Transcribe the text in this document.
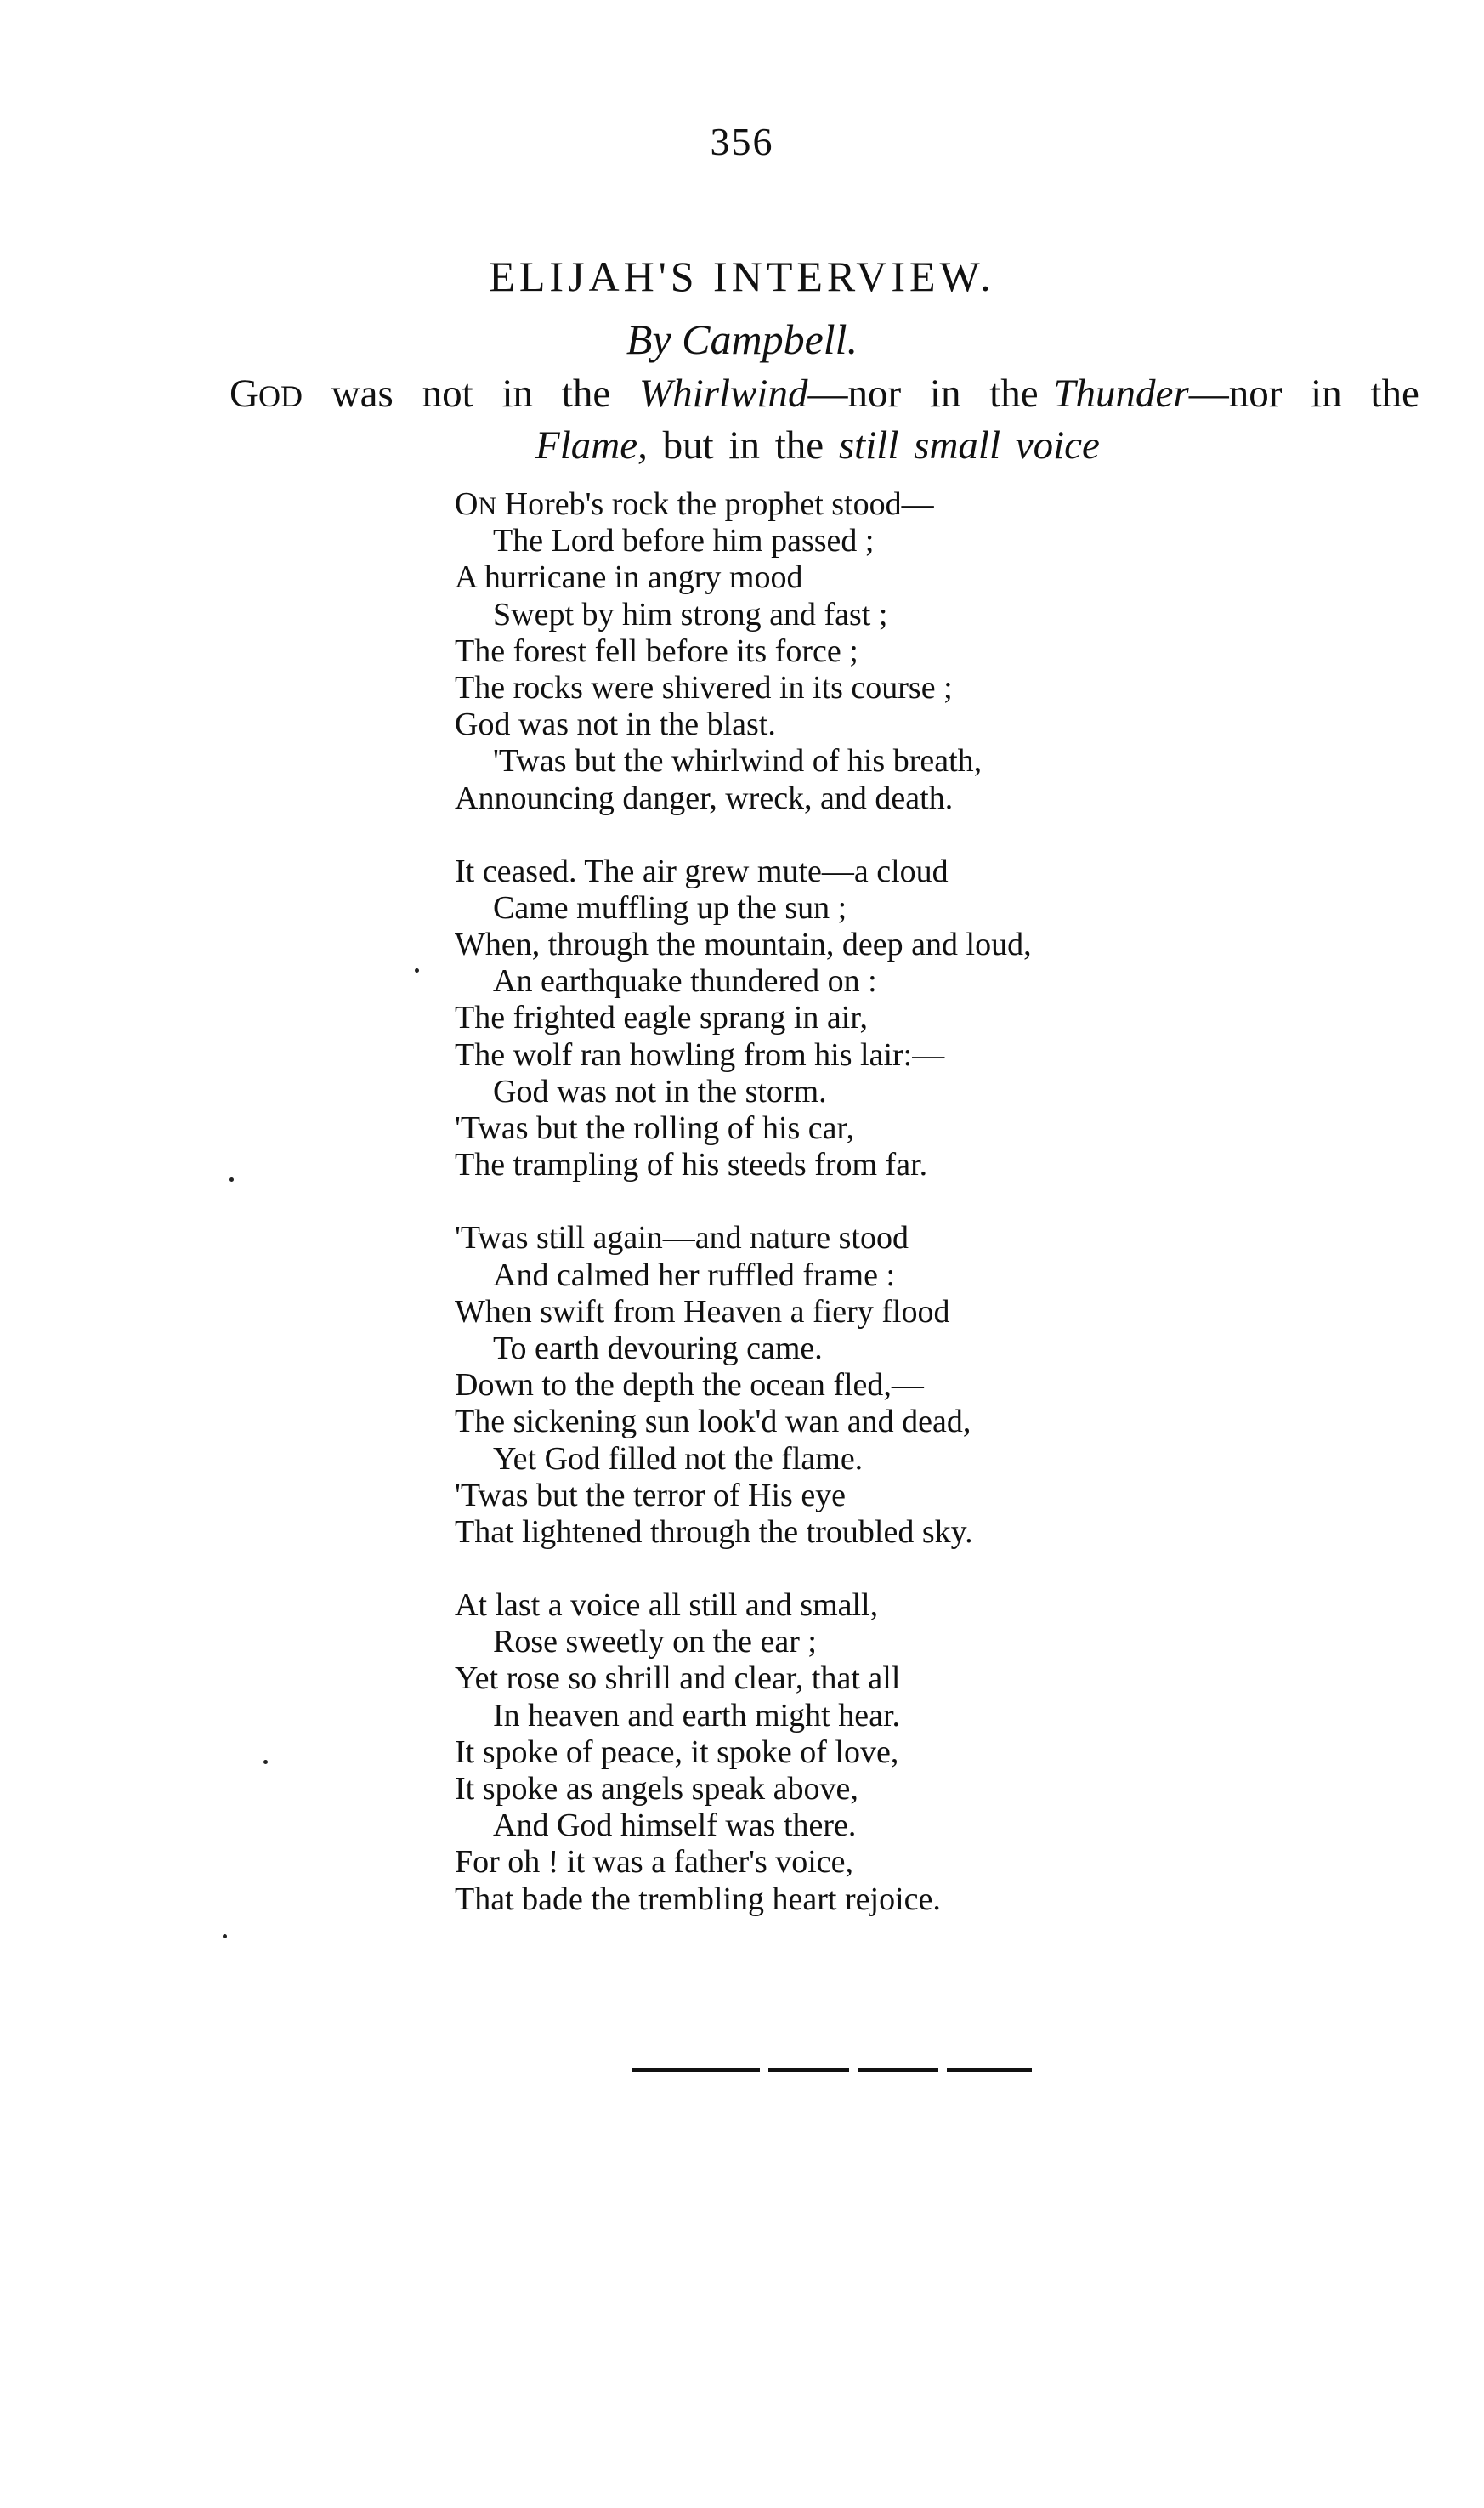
356
ELIJAH'S INTERVIEW.
By Campbell.
GOD was not in the Whirlwind—nor in the Thunder—nor in the
Flame, but in the still small voice
ON Horeb's rock the prophet stood—
The Lord before him passed ;
A hurricane in angry mood
Swept by him strong and fast ;
The forest fell before its force ;
The rocks were shivered in its course ;
God was not in the blast.
'Twas but the whirlwind of his breath,
Announcing danger, wreck, and death.
It ceased. The air grew mute—a cloud
Came muffling up the sun ;
When, through the mountain, deep and loud,
An earthquake thundered on :
The frighted eagle sprang in air,
The wolf ran howling from his lair:—
God was not in the storm.
'Twas but the rolling of his car,
The trampling of his steeds from far.
'Twas still again—and nature stood
And calmed her ruffled frame :
When swift from Heaven a fiery flood
To earth devouring came.
Down to the depth the ocean fled,—
The sickening sun look'd wan and dead,
Yet God filled not the flame.
'Twas but the terror of His eye
That lightened through the troubled sky.
At last a voice all still and small,
Rose sweetly on the ear ;
Yet rose so shrill and clear, that all
In heaven and earth might hear.
It spoke of peace, it spoke of love,
It spoke as angels speak above,
And God himself was there.
For oh ! it was a father's voice,
That bade the trembling heart rejoice.
